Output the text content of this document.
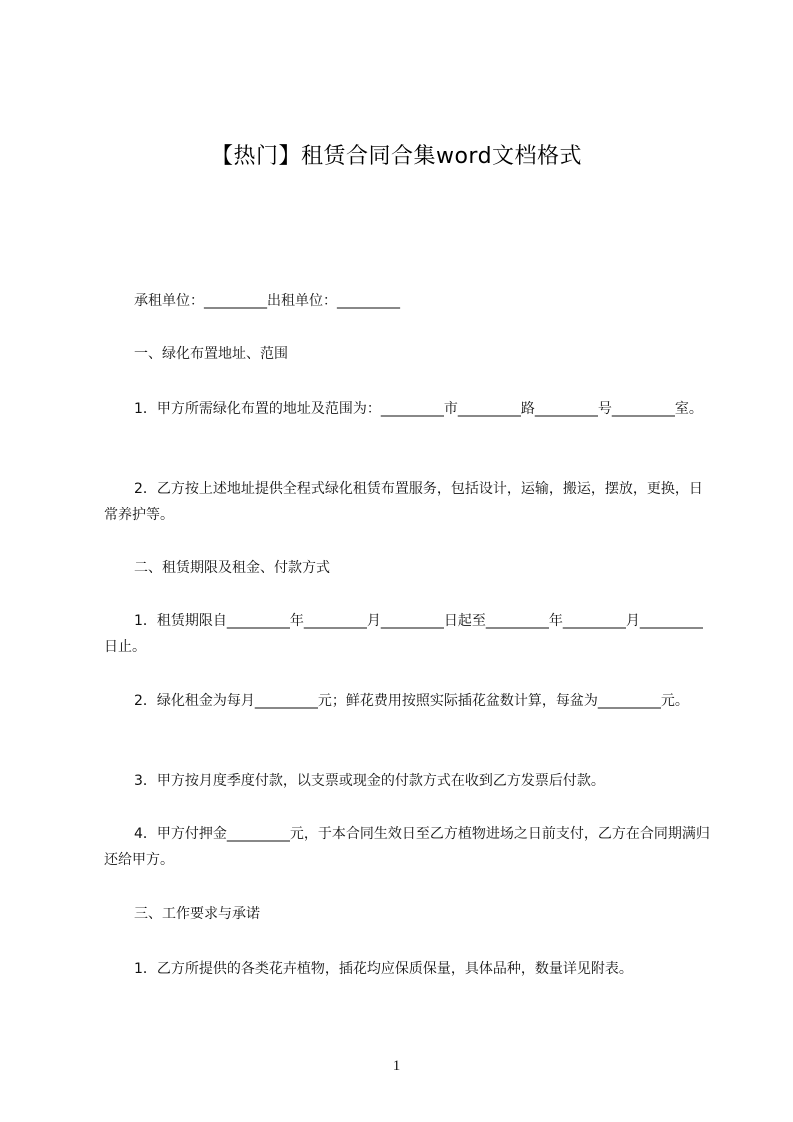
【热门】租赁合同合集word文档格式
承租单位：_________出租单位：_________
一、绿化布置地址、范围
1．甲方所需绿化布置的地址及范围为：_________市_________路_________号_________室。
2．乙方按上述地址提供全程式绿化租赁布置服务，包括设计，运输，搬运，摆放，更换，日常养护等。
二、租赁期限及租金、付款方式
1．租赁期限自_________年_________月_________日起至_________年_________月_________日止。
2．绿化租金为每月_________元；鲜花费用按照实际插花盆数计算，每盆为_________元。
3．甲方按月度季度付款，以支票或现金的付款方式在收到乙方发票后付款。
4．甲方付押金_________元，于本合同生效日至乙方植物进场之日前支付，乙方在合同期满归还给甲方。
三、工作要求与承诺
1．乙方所提供的各类花卉植物，插花均应保质保量，具体品种，数量详见附表。
1
